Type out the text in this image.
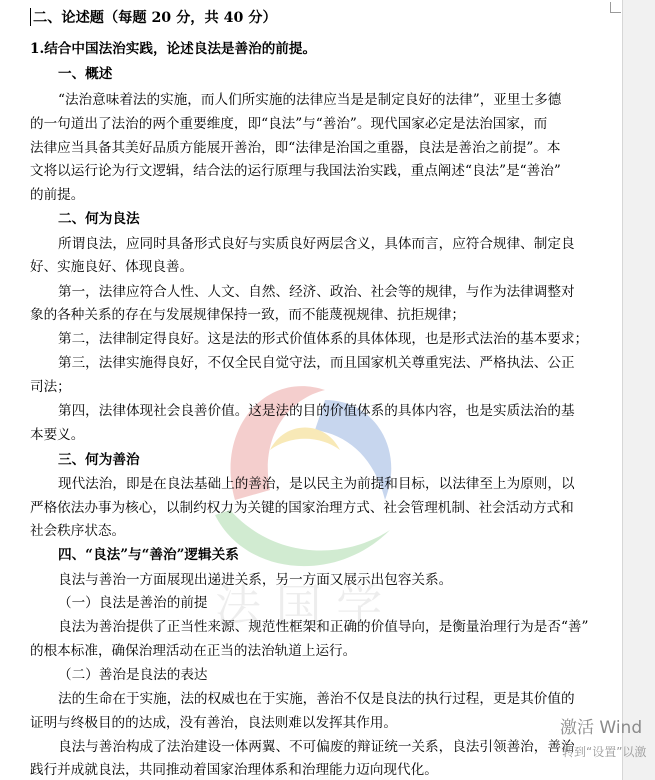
法 国 学
二、论述题（每题 20 分，共 40 分）
1.结合中国法治实践，论述良法是善治的前提。
一、概述
“法治意味着法的实施，而人们所实施的法律应当是是制定良好的法律”，亚里士多德
的一句道出了法治的两个重要维度，即“良法”与“善治”。现代国家必定是法治国家，而
法律应当具备其美好品质方能展开善治，即“法律是治国之重器，良法是善治之前提”。本
文将以运行论为行文逻辑，结合法的运行原理与我国法治实践，重点阐述“良法”是“善治”
的前提。
二、何为良法
所谓良法，应同时具备形式良好与实质良好两层含义，具体而言，应符合规律、制定良
好、实施良好、体现良善。
第一，法律应符合人性、人文、自然、经济、政治、社会等的规律，与作为法律调整对
象的各种关系的存在与发展规律保持一致，而不能蔑视规律、抗拒规律；
第二，法律制定得良好。这是法的形式价值体系的具体体现，也是形式法治的基本要求；
第三，法律实施得良好，不仅全民自觉守法，而且国家机关尊重宪法、严格执法、公正
司法；
第四，法律体现社会良善价值。这是法的目的价值体系的具体内容，也是实质法治的基
本要义。
三、何为善治
现代法治，即是在良法基础上的善治，是以民主为前提和目标，以法律至上为原则，以
严格依法办事为核心，以制约权力为关键的国家治理方式、社会管理机制、社会活动方式和
社会秩序状态。
四、“良法”与“善治”逻辑关系
良法与善治一方面展现出递进关系，另一方面又展示出包容关系。
（一）良法是善治的前提
良法为善治提供了正当性来源、规范性框架和正确的价值导向，是衡量治理行为是否“善”
的根本标准，确保治理活动在正当的法治轨道上运行。
（二）善治是良法的表达
法的生命在于实施，法的权威也在于实施，善治不仅是良法的执行过程，更是其价值的
证明与终极目的的达成，没有善治，良法则难以发挥其作用。
良法与善治构成了法治建设一体两翼、不可偏废的辩证统一关系，良法引领善治，善治
践行并成就良法，共同推动着国家治理体系和治理能力迈向现代化。
激活 Wind
转到“设置”以激
